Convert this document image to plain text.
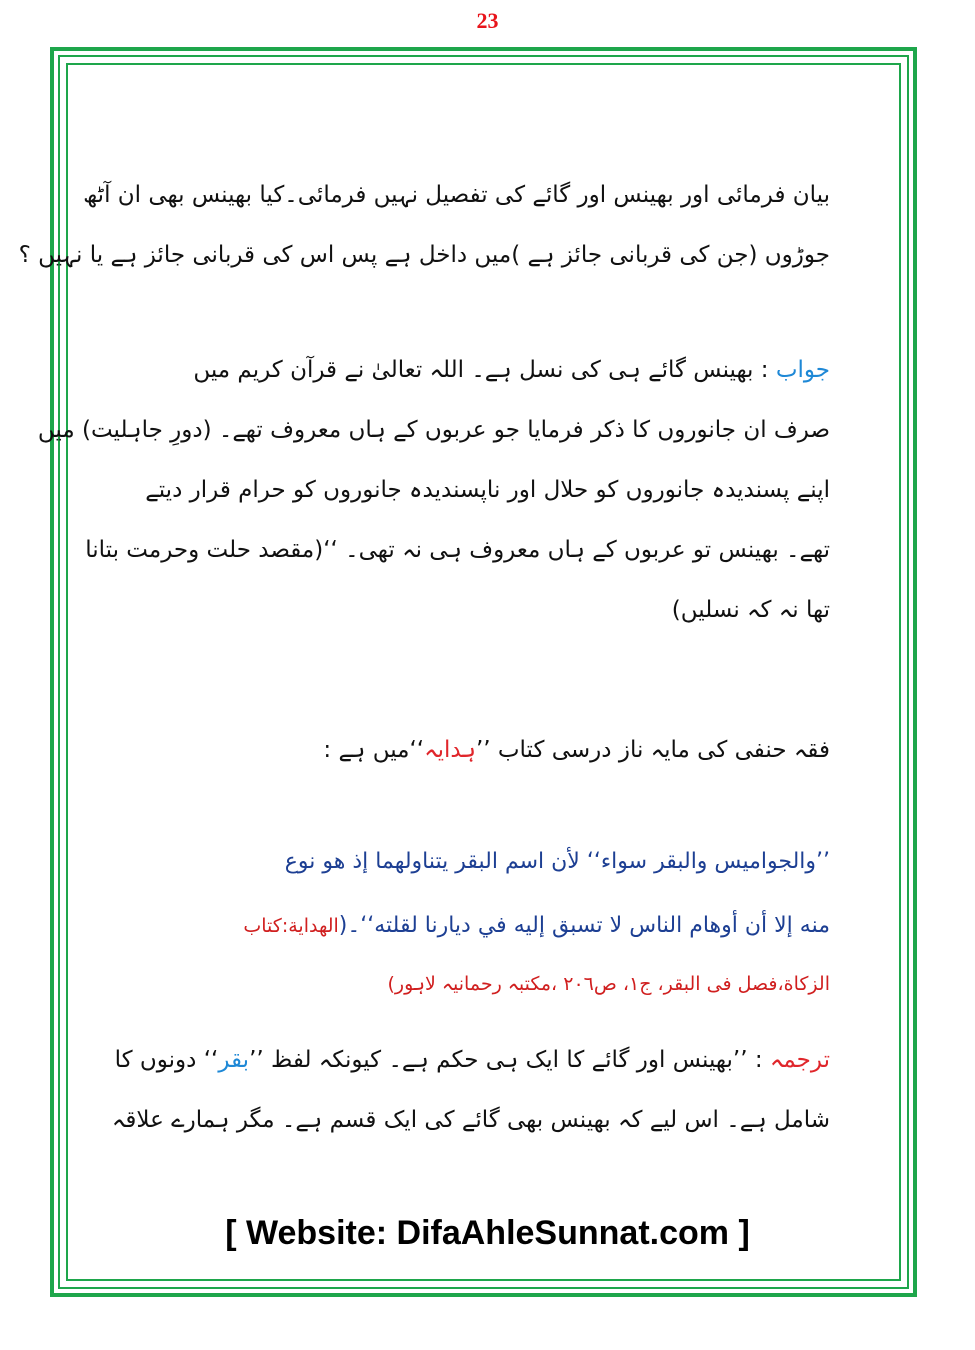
23
بیان فرمائی اور بھینس اور گائے کی تفصیل نہیں فرمائی۔کیا بھینس بھی ان آٹھ
جوڑوں (جن کی قربانی جائز ہے )میں داخل ہے پس اس کی قربانی جائز ہے یا نہیں ؟
جواب : بھینس گائے ہی کی نسل ہے۔ اللہ تعالیٰ نے قرآن کریم میں
صرف ان جانوروں کا ذکر فرمایا جو عربوں کے ہاں معروف تھے۔ (دورِ جاہلیت) میں
اپنے پسندیدہ جانوروں کو حلال اور ناپسندیدہ جانوروں کو حرام قرار دیتے
تھے۔ بھینس تو عربوں کے ہاں معروف ہی نہ تھی۔ ‘‘(مقصد حلت وحرمت بتانا
تھا نہ کہ نسلیں)
فقہ حنفی کی مایہ ناز درسی کتاب ’’ہدایہ‘‘میں ہے :
’’والجواميس والبقر سواء‘‘ لأن اسم البقر يتناولهما إذ هو نوع
منه إلا أن أوهام الناس لا تسبق إليه في ديارنا لقلته‘‘۔(الهداية:كتاب
الزكاة،فصل فی البقر، ج۱، ص۲۰٦ ،مکتبہ رحمانیہ لاہور)
ترجمہ : ’’بھینس اور گائے کا ایک ہی حکم ہے۔ کیونکہ لفظ ’’بقر‘‘ دونوں کا
شامل ہے۔ اس لیے کہ بھینس بھی گائے کی ایک قسم ہے۔ مگر ہمارے علاقہ
[ Website: DifaAhleSunnat.com ]
